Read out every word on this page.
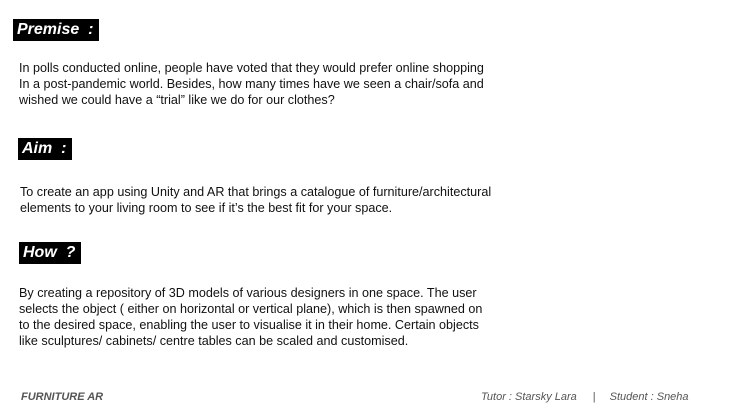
Premise  :
In polls conducted online, people have voted that they would prefer online shopping
In a post-pandemic world. Besides, how many times have we seen a chair/sofa and
wished we could have a “trial” like we do for our clothes?
Aim  :
To create an app using Unity and AR that brings a catalogue of furniture/architectural
elements to your living room to see if it’s the best fit for your space.
How  ?
By creating a repository of 3D models of various designers in one space. The user
selects the object ( either on horizontal or vertical plane), which is then spawned on
to the desired space, enabling the user to visualise it in their home. Certain objects
like sculptures/ cabinets/ centre tables can be scaled and customised.
FURNITURE AR	Tutor : Starsky Lara | Student : Sneha
